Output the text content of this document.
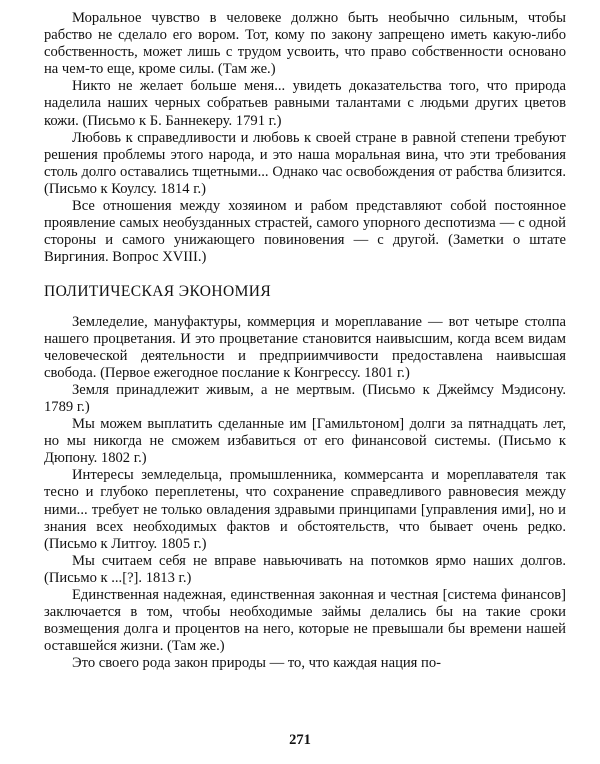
Моральное чувство в человеке должно быть необычно сильным, чтобы рабство не сделало его вором. Тот, кому по закону запрещено иметь какую-либо собственность, может лишь с трудом усвоить, что право собственности основано на чем-то еще, кроме силы. (Там же.)

Никто не желает больше меня... увидеть доказательства того, что природа наделила наших черных собратьев равными талантами с людьми других цветов кожи. (Письмо к Б. Баннекеру. 1791 г.)

Любовь к справедливости и любовь к своей стране в равной степени требуют решения проблемы этого народа, и это наша моральная вина, что эти требования столь долго оставались тщетными... Однако час освобождения от рабства близится. (Письмо к Коулсу. 1814 г.)

Все отношения между хозяином и рабом представляют собой постоянное проявление самых необузданных страстей, самого упорного деспотизма — с одной стороны и самого унижающего повиновения — с другой. (Заметки о штате Виргиния. Вопрос XVIII.)

ПОЛИТИЧЕСКАЯ ЭКОНОМИЯ

Земледелие, мануфактуры, коммерция и мореплавание — вот четыре столпа нашего процветания. И это процветание становится наивысшим, когда всем видам человеческой деятельности и предприимчивости предоставлена наивысшая свобода. (Первое ежегодное послание к Конгрессу. 1801 г.)

Земля принадлежит живым, а не мертвым. (Письмо к Джеймсу Мэдисону. 1789 г.)

Мы можем выплатить сделанные им [Гамильтоном] долги за пятнадцать лет, но мы никогда не сможем избавиться от его финансовой системы. (Письмо к Дюпону. 1802 г.)

Интересы земледельца, промышленника, коммерсанта и мореплавателя так тесно и глубоко переплетены, что сохранение справедливого равновесия между ними... требует не только овладения здравыми принципами [управления ими], но и знания всех необходимых фактов и обстоятельств, что бывает очень редко. (Письмо к Литгоу. 1805 г.)

Мы считаем себя не вправе навьючивать на потомков ярмо наших долгов. (Письмо к ...[?]. 1813 г.)

Единственная надежная, единственная законная и честная [система финансов] заключается в том, чтобы необходимые займы делались бы на такие сроки возмещения долга и процентов на него, которые не превышали бы времени нашей оставшейся жизни. (Там же.)

Это своего рода закон природы — то, что каждая нация по-

271
